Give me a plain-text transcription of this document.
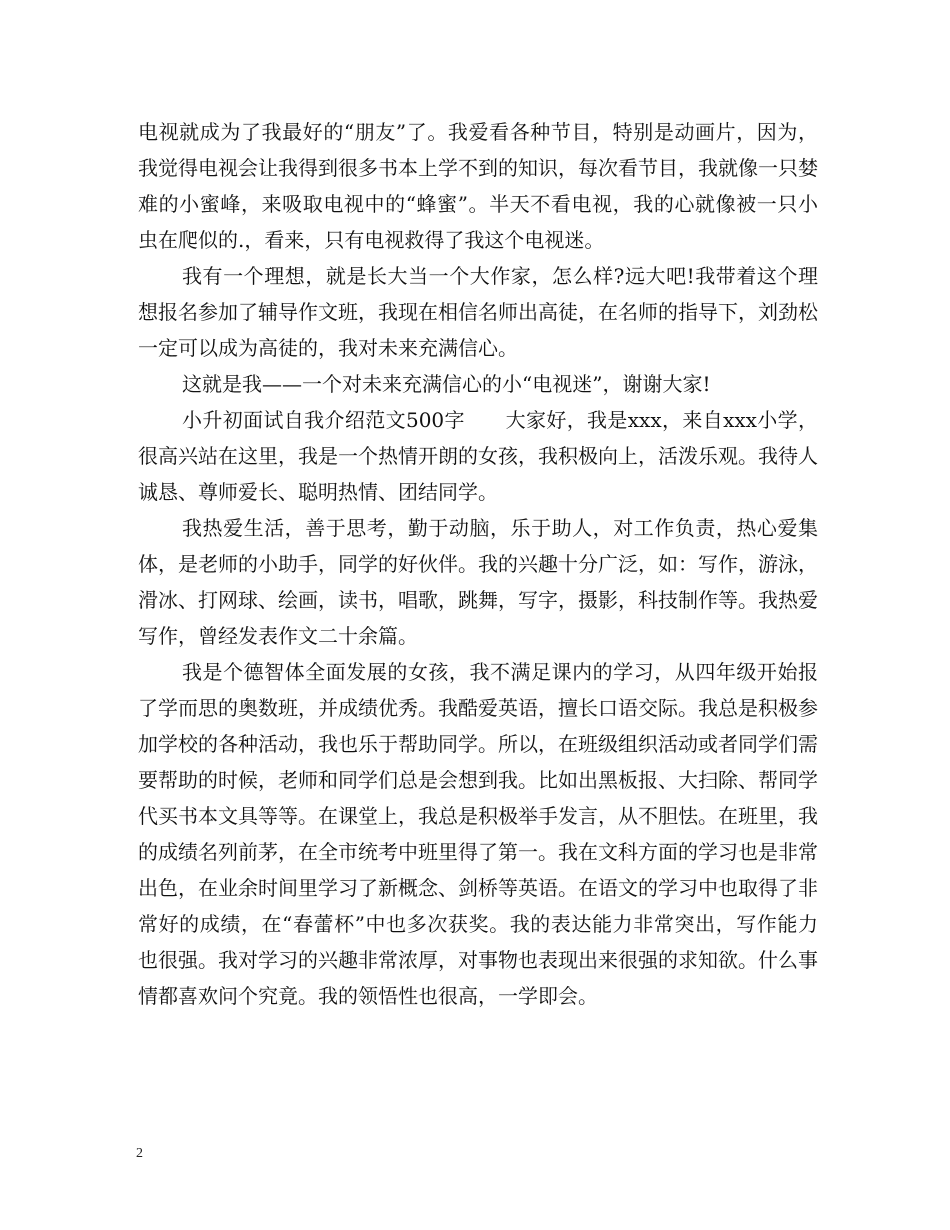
电视就成为了我最好的“朋友”了。我爱看各种节目，特别是动画片，因为，我觉得电视会让我得到很多书本上学不到的知识，每次看节目，我就像一只婪难的小蜜峰，来吸取电视中的“蜂蜜”。半天不看电视，我的心就像被一只小虫在爬似的.，看来，只有电视救得了我这个电视迷。

我有一个理想，就是长大当一个大作家，怎么样?远大吧!我带着这个理想报名参加了辅导作文班，我现在相信名师出高徒，在名师的指导下，刘劲松一定可以成为高徒的，我对未来充满信心。

这就是我——一个对未来充满信心的小“电视迷”，谢谢大家!

小升初面试自我介绍范文500字　　大家好，我是xxx，来自xxx小学，很高兴站在这里，我是一个热情开朗的女孩，我积极向上，活泼乐观。我待人诚恳、尊师爱长、聪明热情、团结同学。

我热爱生活，善于思考，勤于动脑，乐于助人，对工作负责，热心爱集体，是老师的小助手，同学的好伙伴。我的兴趣十分广泛，如：写作，游泳，滑冰、打网球、绘画，读书，唱歌，跳舞，写字，摄影，科技制作等。我热爱写作，曾经发表作文二十余篇。

我是个德智体全面发展的女孩，我不满足课内的学习，从四年级开始报了学而思的奥数班，并成绩优秀。我酷爱英语，擅长口语交际。我总是积极参加学校的各种活动，我也乐于帮助同学。所以，在班级组织活动或者同学们需要帮助的时候，老师和同学们总是会想到我。比如出黑板报、大扫除、帮同学代买书本文具等等。在课堂上，我总是积极举手发言，从不胆怯。在班里，我的成绩名列前茅，在全市统考中班里得了第一。我在文科方面的学习也是非常出色，在业余时间里学习了新概念、剑桥等英语。在语文的学习中也取得了非常好的成绩，在“春蕾杯”中也多次获奖。我的表达能力非常突出，写作能力也很强。我对学习的兴趣非常浓厚，对事物也表现出来很强的求知欲。什么事情都喜欢问个究竟。我的领悟性也很高，一学即会。

2
